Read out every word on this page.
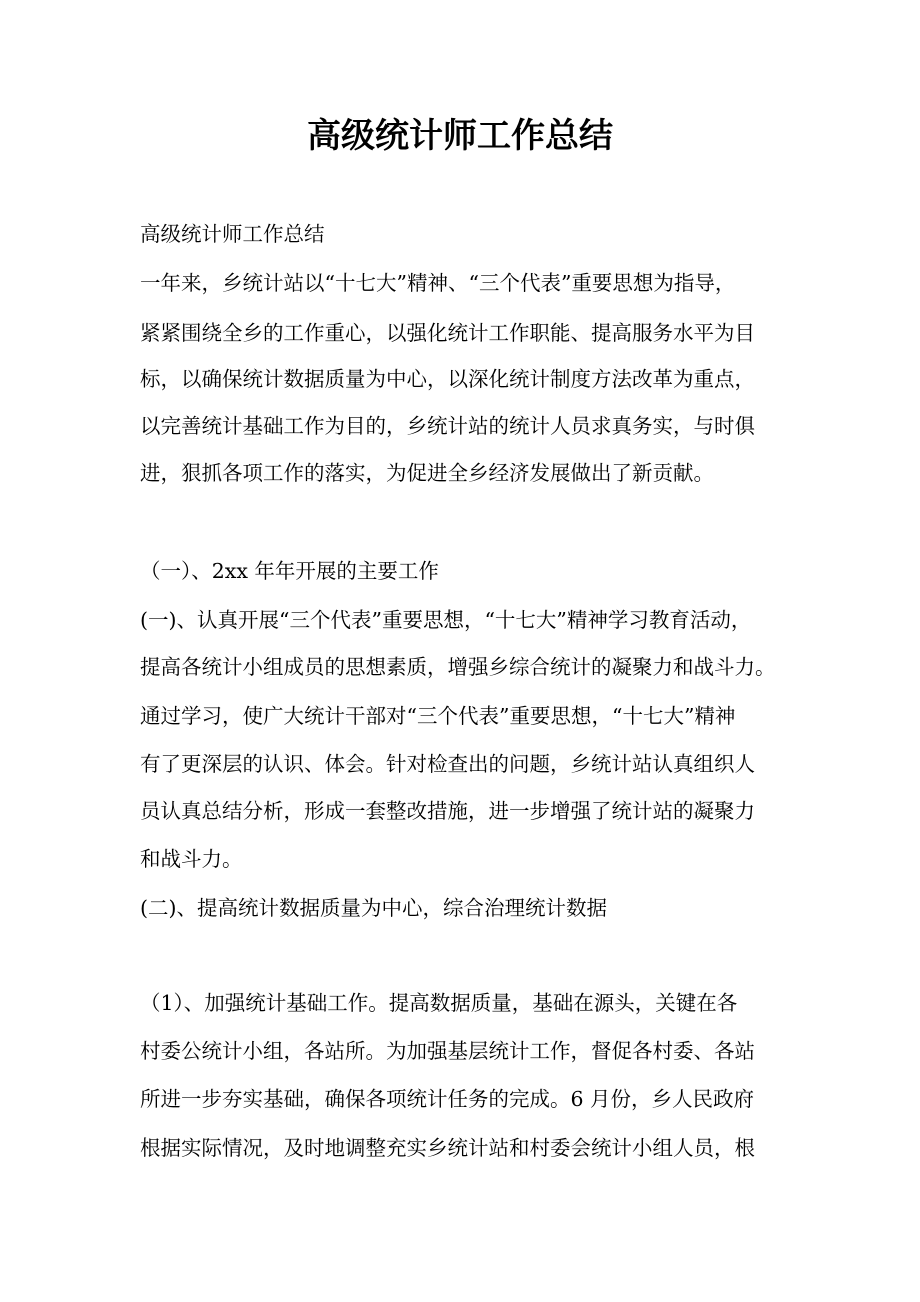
高级统计师工作总结
高级统计师工作总结
一年来，乡统计站以“十七大”精神、“三个代表”重要思想为指导，
紧紧围绕全乡的工作重心，以强化统计工作职能、提高服务水平为目
标，以确保统计数据质量为中心，以深化统计制度方法改革为重点，
以完善统计基础工作为目的，乡统计站的统计人员求真务实，与时俱
进，狠抓各项工作的落实，为促进全乡经济发展做出了新贡献。
（一）、2xx 年年开展的主要工作
(一)、认真开展“三个代表”重要思想，“十七大”精神学习教育活动，
提高各统计小组成员的思想素质，增强乡综合统计的凝聚力和战斗力。
通过学习，使广大统计干部对“三个代表”重要思想，“十七大”精神
有了更深层的认识、体会。针对检查出的问题，乡统计站认真组织人
员认真总结分析，形成一套整改措施，进一步增强了统计站的凝聚力
和战斗力。
(二)、提高统计数据质量为中心，综合治理统计数据
（1）、加强统计基础工作。提高数据质量，基础在源头，关键在各
村委公统计小组，各站所。为加强基层统计工作，督促各村委、各站
所进一步夯实基础，确保各项统计任务的完成。6 月份，乡人民政府
根据实际情况，及时地调整充实乡统计站和村委会统计小组人员，根
